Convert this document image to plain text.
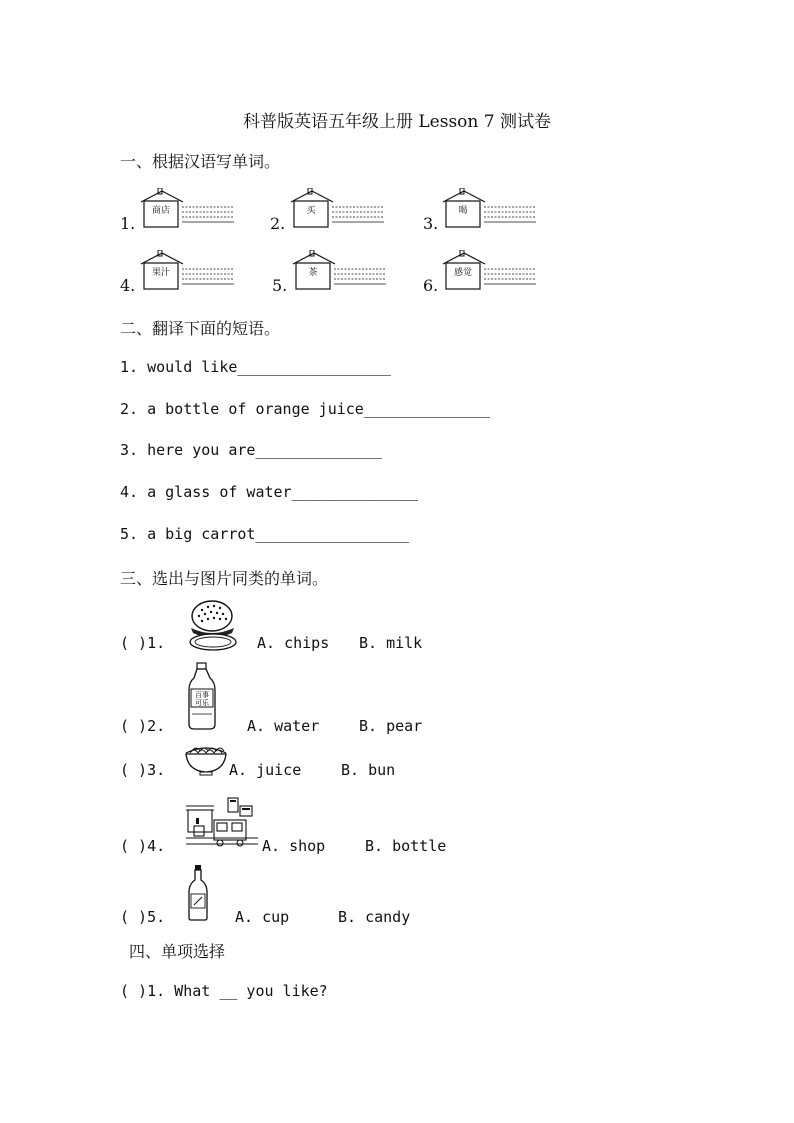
科普版英语五年级上册 Lesson 7 测试卷
一、根据汉语写单词。
1.
商店
2.
买
3.
喝
4.
果汁
5.
茶
6.
感觉
二、翻译下面的短语。
1. would like_________________
2. a bottle of orange juice______________
3. here you are______________
4. a glass of water______________
5. a big carrot_________________
三、选出与图片同类的单词。
( )1.	A. chips B. milk
( )2.
百事
可乐
A. water	B. pear
( )3.	A. juice	B. bun
( )4.	A. shop	B. bottle
( )5.	A. cup	B. candy
四、单项选择
( )1. What __ you like?
